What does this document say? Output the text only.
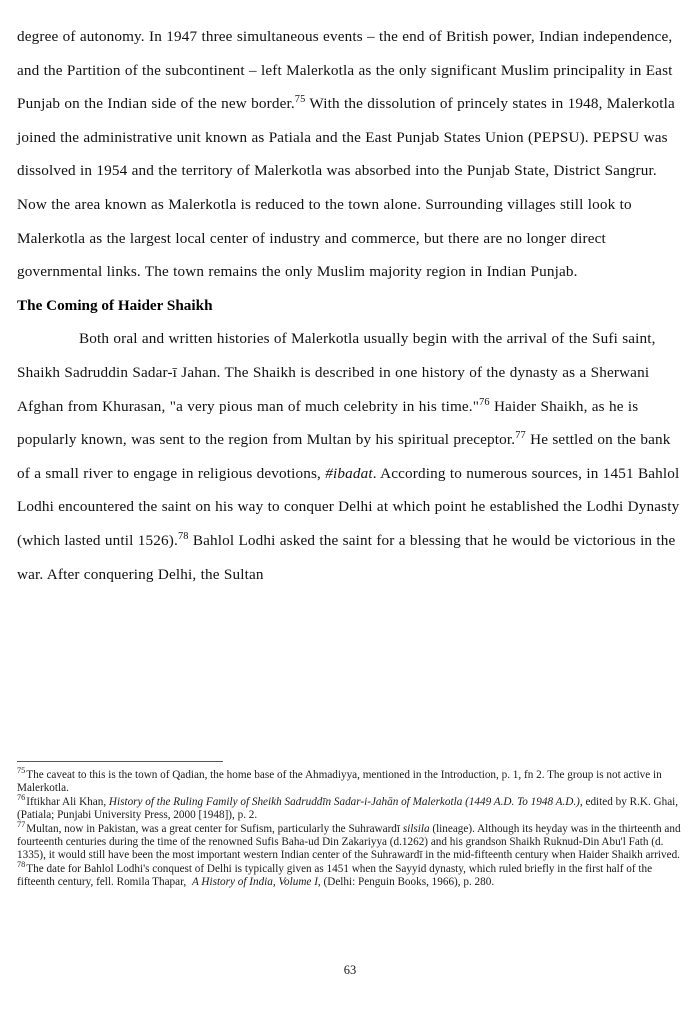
degree of autonomy. In 1947 three simultaneous events – the end of British power, Indian independence, and the Partition of the subcontinent – left Malerkotla as the only significant Muslim principality in East Punjab on the Indian side of the new border.$^{75}$ With the dissolution of princely states in 1948, Malerkotla joined the administrative unit known as Patiala and the East Punjab States Union (PEPSU). PEPSU was dissolved in 1954 and the territory of Malerkotla was absorbed into the Punjab State, District Sangrur. Now the area known as Malerkotla is reduced to the town alone. Surrounding villages still look to Malerkotla as the largest local center of industry and commerce, but there are no longer direct governmental links. The town remains the only Muslim majority region in Indian Punjab.

The Coming of Haider Shaikh

Both oral and written histories of Malerkotla usually begin with the arrival of the Sufi saint, Shaikh Sadruddin Sadar-ī Jahan. The Shaikh is described in one history of the dynasty as a Sherwani Afghan from Khurasan, "a very pious man of much celebrity in his time."$^{76}$ Haider Shaikh, as he is popularly known, was sent to the region from Multan by his spiritual preceptor.$^{77}$ He settled on the bank of a small river to engage in religious devotions, #ibadat. According to numerous sources, in 1451 Bahlol Lodhi encountered the saint on his way to conquer Delhi at which point he established the Lodhi Dynasty (which lasted until 1526).$^{78}$ Bahlol Lodhi asked the saint for a blessing that he would be victorious in the war. After conquering Delhi, the Sultan

$^{75}$The caveat to this is the town of Qadian, the home base of the Ahmadiyya, mentioned in the Introduction, p. 1, fn 2. The group is not active in Malerkotla.

$^{76}$Iftikhar Ali Khan, History of the Ruling Family of Sheikh Sadruddīn Sadar-i-Jahān of Malerkotla (1449 A.D. To 1948 A.D.), edited by R.K. Ghai, (Patiala; Punjabi University Press, 2000 [1948]), p. 2.

$^{77}$Multan, now in Pakistan, was a great center for Sufism, particularly the Suhrawardī silsila (lineage). Although its heyday was in the thirteenth and fourteenth centuries during the time of the renowned Sufis Baha-ud Din Zakariyya (d.1262) and his grandson Shaikh Ruknud-Din Abu'l Fath (d. 1335), it would still have been the most important western Indian center of the Suhrawardī in the mid-fifteenth century when Haider Shaikh arrived.

$^{78}$The date for Bahlol Lodhi's conquest of Delhi is typically given as 1451 when the Sayyid dynasty, which ruled briefly in the first half of the fifteenth century, fell. Romila Thapar, A History of India, Volume I, (Delhi: Penguin Books, 1966), p. 280.

63
